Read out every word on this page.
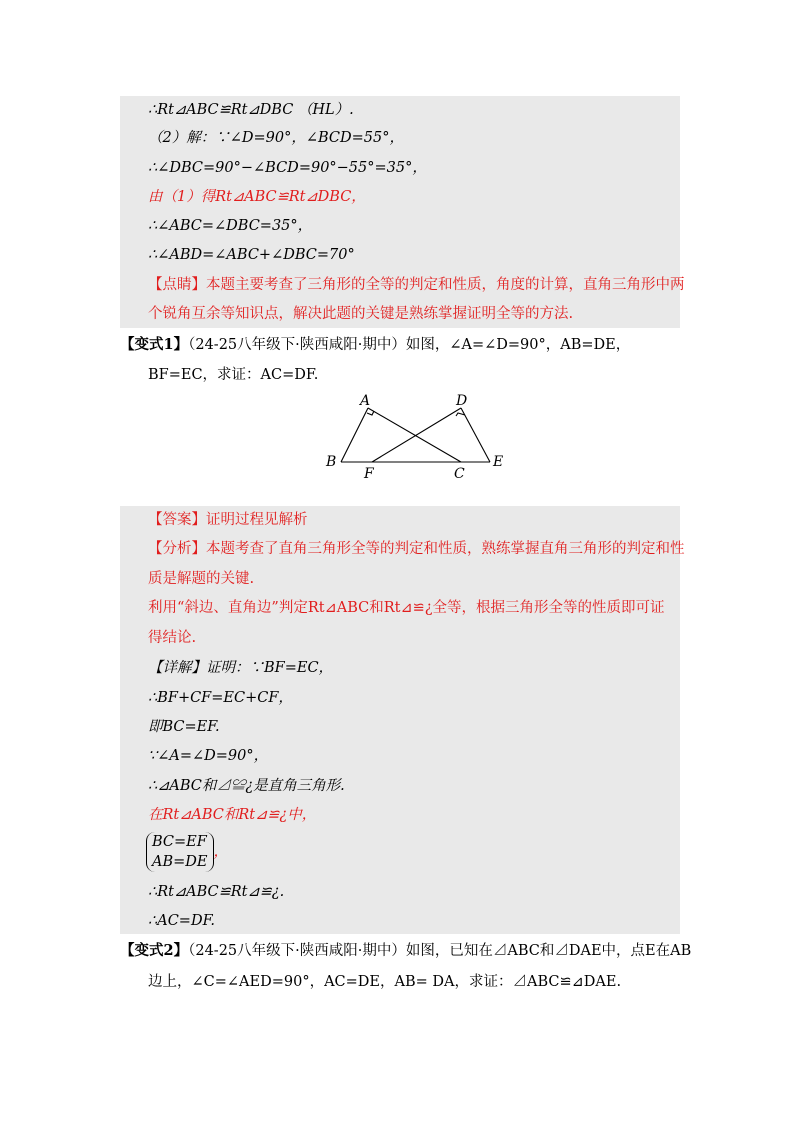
∴Rt⊿ABC≌Rt⊿DBC （HL）.
（2）解：∵∠D=90°，∠BCD=55°，
∴∠DBC=90°−∠BCD=90°−55°=35°，
由（1）得Rt⊿ABC≌Rt⊿DBC，
∴∠ABC=∠DBC=35°，
∴∠ABD=∠ABC+∠DBC=70°
【点睛】本题主要考查了三角形的全等的判定和性质，角度的计算，直角三角形中两
个锐角互余等知识点，解决此题的关键是熟练掌握证明全等的方法.
【变式1】（24-25八年级下·陕西咸阳·期中）如图，∠A=∠D=90°，AB=DE，
BF=EC，求证：AC=DF.
A	D
B
F	C
E
【答案】证明过程见解析
【分析】本题考查了直角三角形全等的判定和性质，熟练掌握直角三角形的判定和性
质是解题的关键.
利用“斜边、直角边”判定Rt⊿ABC和Rt⊿≌¿全等，根据三角形全等的性质即可证
得结论.
【详解】证明：∵BF=EC，
∴BF+CF=EC+CF，
即BC=EF.
∵∠A=∠D=90°，
∴⊿ABC和⊿≌¿是直角三角形.
在Rt⊿ABC和Rt⊿≌¿中，
BC=EF
AB=DE，
∴Rt⊿ABC≌Rt⊿≌¿.
∴AC=DF.
【变式2】（24-25八年级下·陕西咸阳·期中）如图，已知在⊿ABC和⊿DAE中，点E在AB
边上，∠C=∠AED=90°，AC=DE，AB= DA，求证：⊿ABC≌⊿DAE.
